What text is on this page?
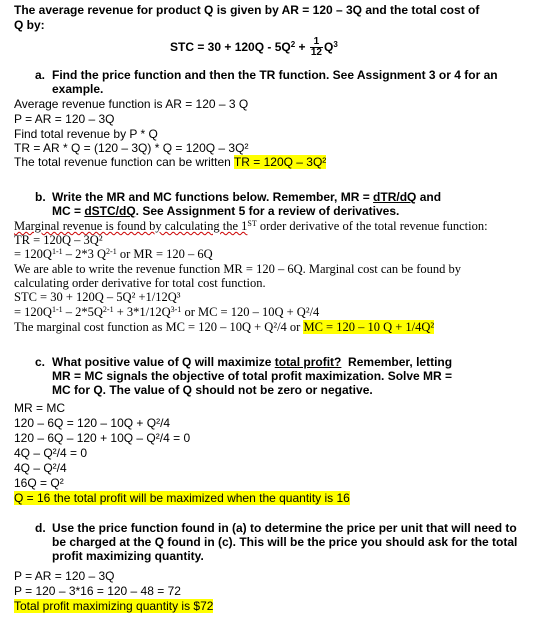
The average revenue for product Q is given by AR = 120 – 3Q and the total cost of
Q by:
STC = $30 + 120Q - 5Q^2 + \frac{1}{12} Q^3$
a. Find the price function and then the TR function. See Assignment 3 or 4 for an example.
Average revenue function is AR = 120 – 3 Q
P = AR = 120 – 3Q
Find total revenue by P * Q
TR = AR * Q = (120 – 3Q) * Q = 120Q – 3Q²
The total revenue function can be written TR = 120Q – 3Q²
b. Write the MR and MC functions below. Remember, MR = dTR/dQ and
MC = dSTC/dQ. See Assignment 5 for a review of derivatives.
Marginal revenue is found by calculating the 1ST order derivative of the total revenue function:
TR = 120Q – 3Q²
= $120Q^{1-1} - 2*3$ $Q^{2-1}$ or MR = 120 – 6Q
We are able to write the revenue function MR = 120 – 6Q. Marginal cost can be found by
calculating order derivative for total cost function.
STC = 30 + 120Q – 5Q² +1/12Q³
= $120Q^{1-1} - 2*5Q^{2-1} + 3*1/12Q^{3-1}$ or MC = 120 – 10Q + Q²/4
The marginal cost function as MC = 120 – 10Q + Q²/4 or MC = 120 – 10 Q + 1/4Q²
c. What positive value of Q will maximize total profit?  Remember, letting
MR = MC signals the objective of total profit maximization. Solve MR =
MC for Q. The value of Q should not be zero or negative.
MR = MC
120 – 6Q = 120 – 10Q + Q²/4
120 – 6Q – 120 + 10Q – Q²/4 = 0
4Q – Q²/4 = 0
4Q – Q²/4
16Q = Q²
Q = 16 the total profit will be maximized when the quantity is 16
d. Use the price function found in (a) to determine the price per unit that will need to be charged at the Q found in (c). This will be the price you should ask for the total profit maximizing quantity.
P = AR = 120 – 3Q
P = 120 – 3*16 = 120 – 48 = 72
Total profit maximizing quantity is $72
